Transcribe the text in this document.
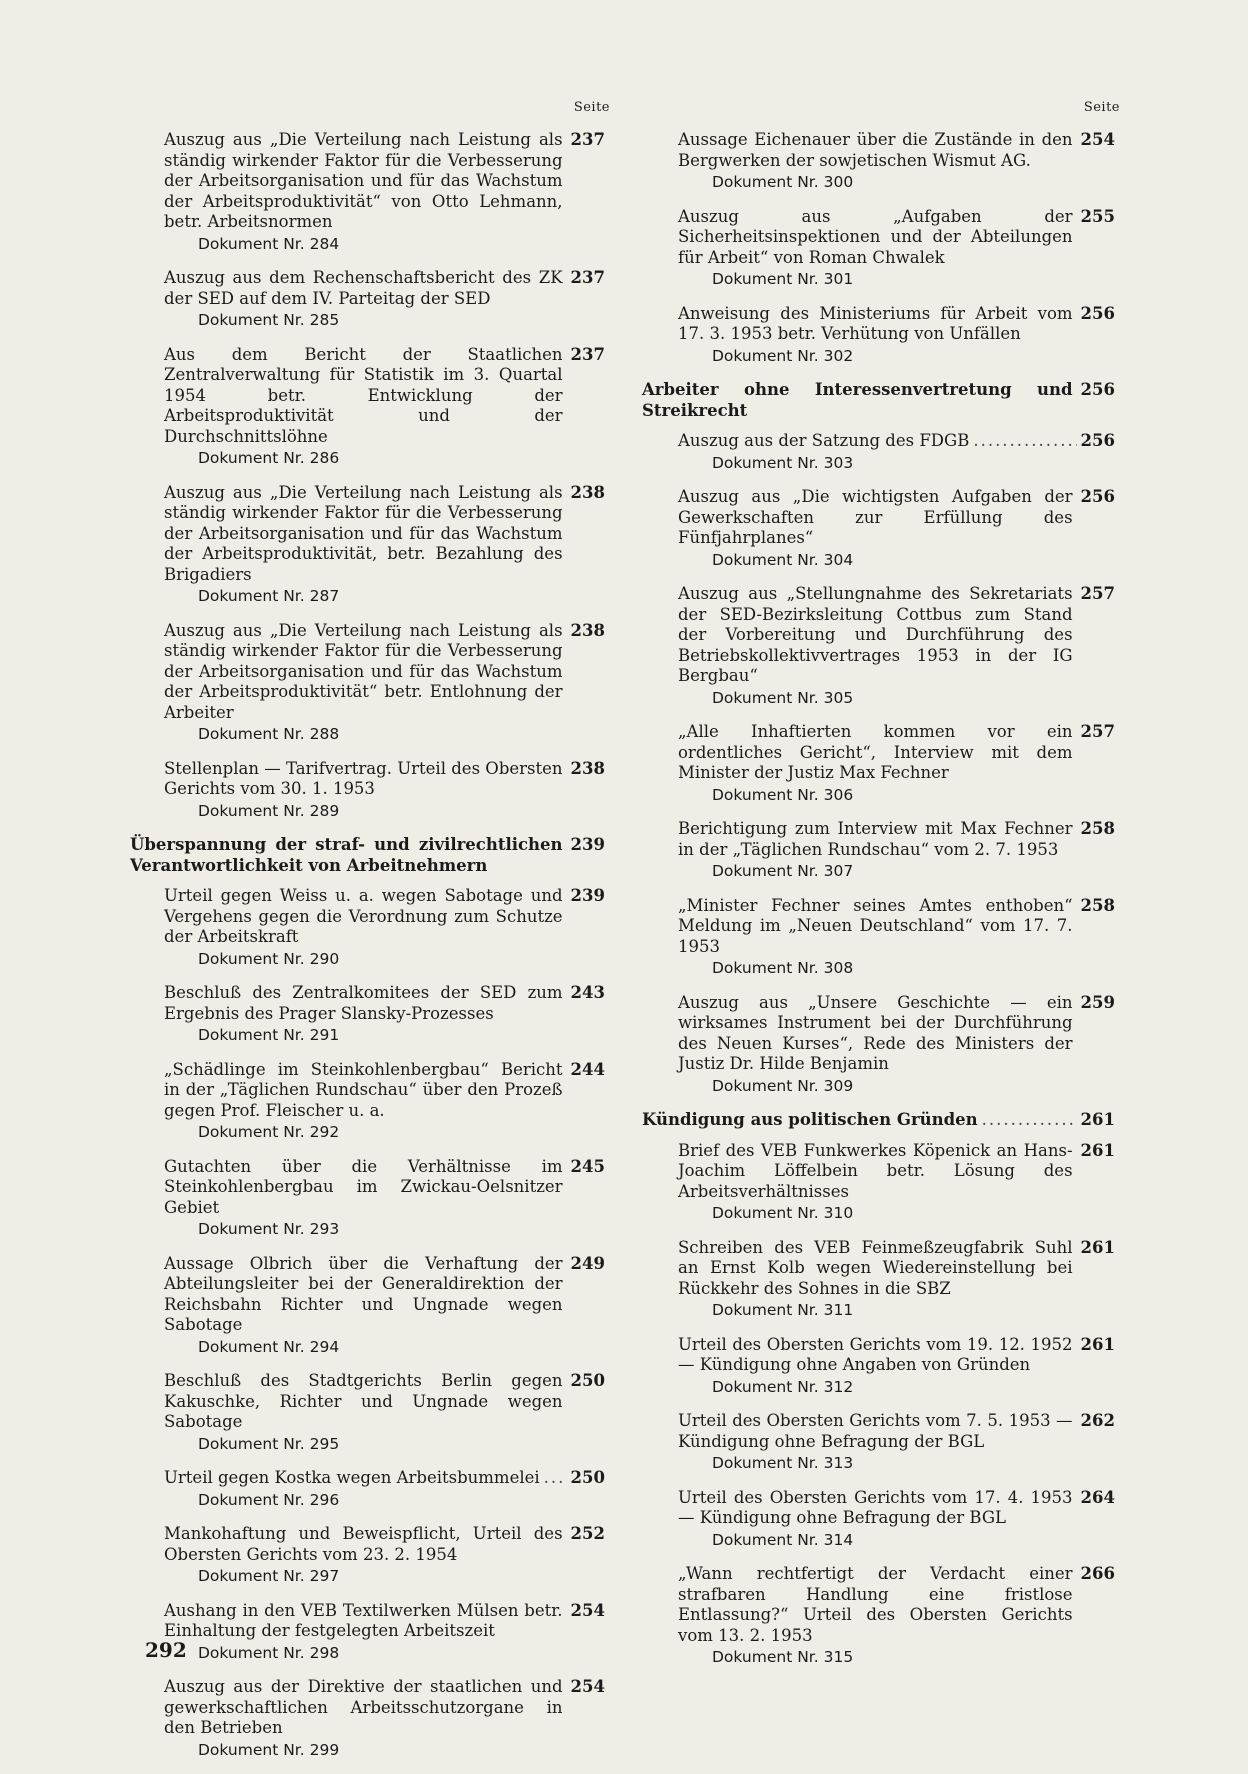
Seite
Auszug aus „Die Verteilung nach Leistung als ständig wirkender Faktor für die Verbesserung der Arbeitsorganisation und für das Wachstum der Arbeitsproduktivität“ von Otto Lehmann, betr. Arbeitsnormen
237
Dokument Nr. 284
Auszug aus dem Rechenschaftsbericht des ZK der SED auf dem IV. Parteitag der SED
237
Dokument Nr. 285
Aus dem Bericht der Staatlichen Zentralverwaltung für Statistik im 3. Quartal 1954 betr. Entwicklung der Arbeitsproduktivität und der Durchschnittslöhne
237
Dokument Nr. 286
Auszug aus „Die Verteilung nach Leistung als ständig wirkender Faktor für die Verbesserung der Arbeitsorganisation und für das Wachstum der Arbeitsproduktivität, betr. Bezahlung des Brigadiers
238
Dokument Nr. 287
Auszug aus „Die Verteilung nach Leistung als ständig wirkender Faktor für die Verbesserung der Arbeitsorganisation und für das Wachstum der Arbeitsproduktivität“ betr. Entlohnung der Arbeiter
238
Dokument Nr. 288
Stellenplan — Tarifvertrag. Urteil des Obersten Gerichts vom 30. 1. 1953
238
Dokument Nr. 289
Überspannung der straf- und zivilrechtlichen Verantwortlichkeit von Arbeitnehmern
239
Urteil gegen Weiss u. a. wegen Sabotage und Vergehens gegen die Verordnung zum Schutze der Arbeitskraft
239
Dokument Nr. 290
Beschluß des Zentralkomitees der SED zum Ergebnis des Prager Slansky-Prozesses
243
Dokument Nr. 291
„Schädlinge im Steinkohlenbergbau“ Bericht in der „Täglichen Rundschau“ über den Prozeß gegen Prof. Fleischer u. a.
244
Dokument Nr. 292
Gutachten über die Verhältnisse im Steinkohlenbergbau im Zwickau-Oelsnitzer Gebiet
245
Dokument Nr. 293
Aussage Olbrich über die Verhaftung der Abteilungsleiter bei der Generaldirektion der Reichsbahn Richter und Ungnade wegen Sabotage
249
Dokument Nr. 294
Beschluß des Stadtgerichts Berlin gegen Kakuschke, Richter und Ungnade wegen Sabotage
250
Dokument Nr. 295
Urteil gegen Kostka wegen Arbeitsbummelei ..... 250
Dokument Nr. 296
Mankohaftung und Beweispflicht, Urteil des Obersten Gerichts vom 23. 2. 1954
252
Dokument Nr. 297
Aushang in den VEB Textilwerken Mülsen betr. Einhaltung der festgelegten Arbeitszeit
254
Dokument Nr. 298
Auszug aus der Direktive der staatlichen und gewerkschaftlichen Arbeitsschutzorgane in den Betrieben
254
Dokument Nr. 299
Seite
Aussage Eichenauer über die Zustände in den Bergwerken der sowjetischen Wismut AG.
254
Dokument Nr. 300
Auszug aus „Aufgaben der Sicherheitsinspektionen und der Abteilungen für Arbeit“ von Roman Chwalek
255
Dokument Nr. 301
Anweisung des Ministeriums für Arbeit vom 17. 3. 1953 betr. Verhütung von Unfällen
256
Dokument Nr. 302
Arbeiter ohne Interessenvertretung und Streikrecht
256
Auszug aus der Satzung des FDGB .....	256
Dokument Nr. 303
Auszug aus „Die wichtigsten Aufgaben der Gewerkschaften zur Erfüllung des Fünfjahrplanes“
256
Dokument Nr. 304
Auszug aus „Stellungnahme des Sekretariats der SED-Bezirksleitung Cottbus zum Stand der Vorbereitung und Durchführung des Betriebskollektivvertrages 1953 in der IG Bergbau“
257
Dokument Nr. 305
„Alle Inhaftierten kommen vor ein ordentliches Gericht“, Interview mit dem Minister der Justiz Max Fechner
257
Dokument Nr. 306
Berichtigung zum Interview mit Max Fechner in der „Täglichen Rundschau“ vom 2. 7. 1953
258
Dokument Nr. 307
„Minister Fechner seines Amtes enthoben“ Meldung im „Neuen Deutschland“ vom 17. 7. 1953
258
Dokument Nr. 308
Auszug aus „Unsere Geschichte — ein wirksames Instrument bei der Durchführung des Neuen Kurses“, Rede des Ministers der Justiz Dr. Hilde Benjamin
259
Dokument Nr. 309
Kündigung aus politischen Gründen .....	261
Brief des VEB Funkwerkes Köpenick an Hans-Joachim Löffelbein betr. Lösung des Arbeitsverhältnisses
261
Dokument Nr. 310
Schreiben des VEB Feinmeßzeugfabrik Suhl an Ernst Kolb wegen Wiedereinstellung bei Rückkehr des Sohnes in die SBZ
261
Dokument Nr. 311
Urteil des Obersten Gerichts vom 19. 12. 1952 — Kündigung ohne Angaben von Gründen
261
Dokument Nr. 312
Urteil des Obersten Gerichts vom 7. 5. 1953 — Kündigung ohne Befragung der BGL
262
Dokument Nr. 313
Urteil des Obersten Gerichts vom 17. 4. 1953 — Kündigung ohne Befragung der BGL
264
Dokument Nr. 314
„Wann rechtfertigt der Verdacht einer strafbaren Handlung eine fristlose Entlassung?“ Urteil des Obersten Gerichts vom 13. 2. 1953
266
Dokument Nr. 315
292
